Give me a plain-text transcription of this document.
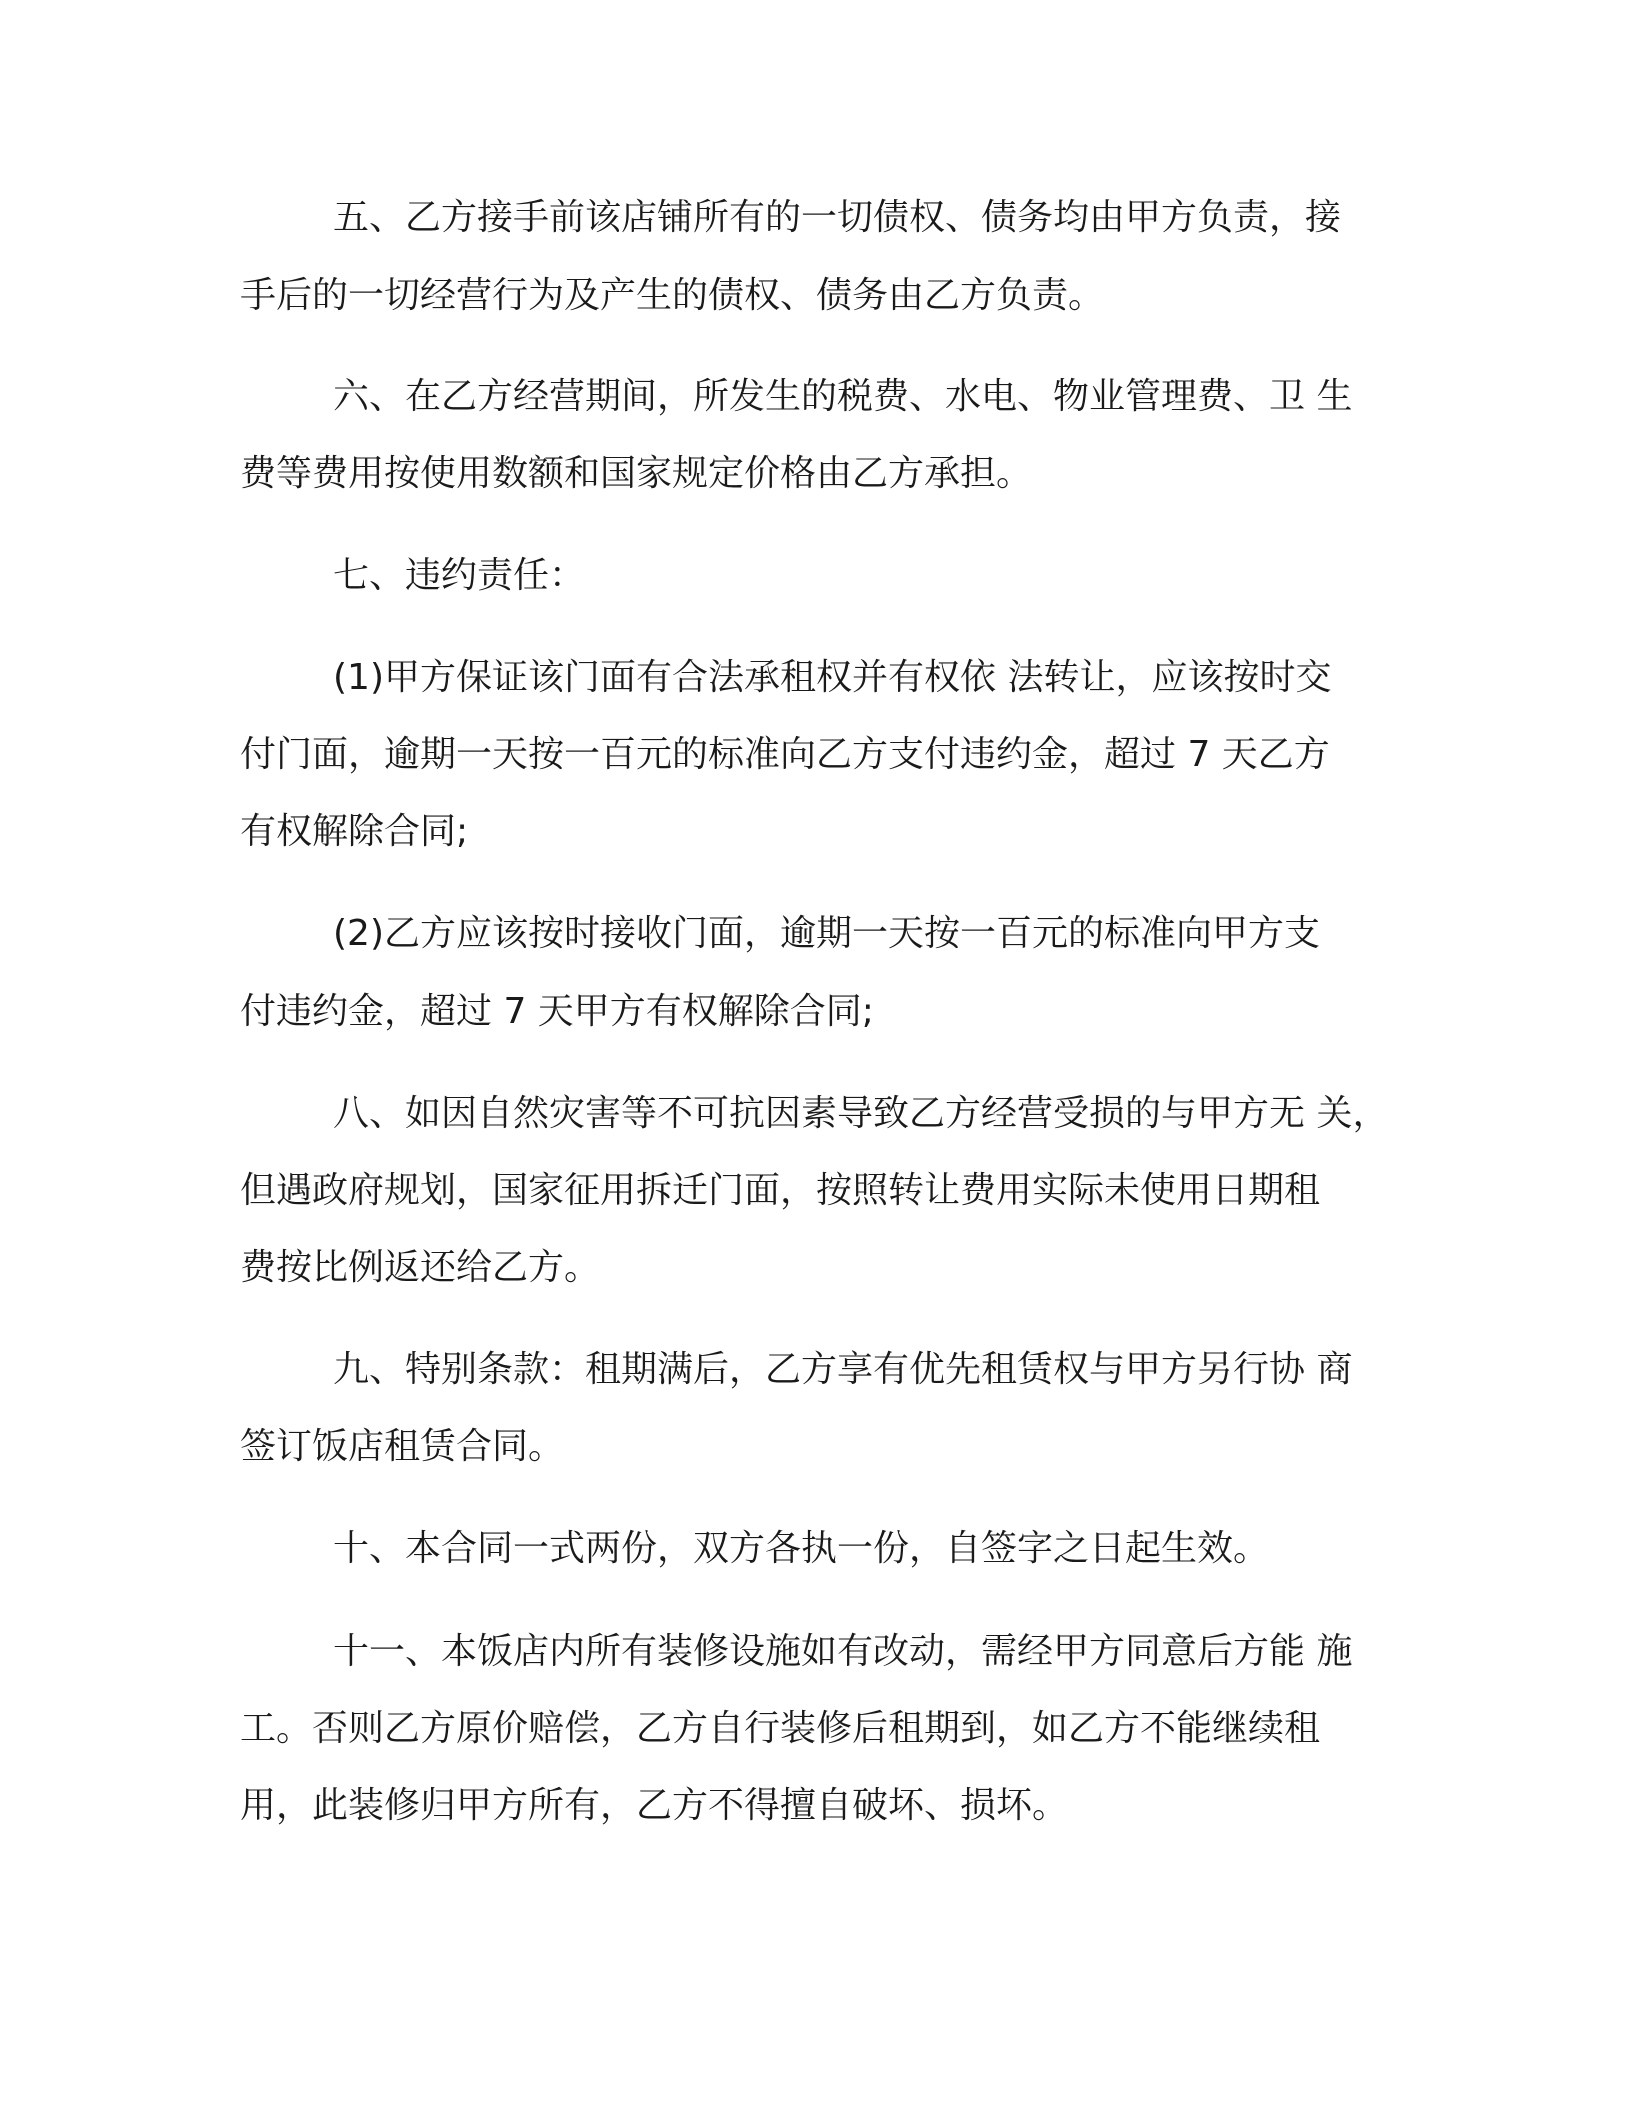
五、乙方接手前该店铺所有的一切债权、债务均由甲方负责，接
手后的一切经营行为及产生的债权、债务由乙方负责。
六、在乙方经营期间，所发生的税费、水电、物业管理费、卫 生
费等费用按使用数额和国家规定价格由乙方承担。
七、违约责任：
(1)甲方保证该门面有合法承租权并有权依 法转让，应该按时交
付门面，逾期一天按一百元的标准向乙方支付违约金，超过 7 天乙方
有权解除合同;
(2)乙方应该按时接收门面，逾期一天按一百元的标准向甲方支
付违约金，超过 7 天甲方有权解除合同;
八、如因自然灾害等不可抗因素导致乙方经营受损的与甲方无 关，
但遇政府规划，国家征用拆迁门面，按照转让费用实际未使用日期租
费按比例返还给乙方。
九、特别条款：租期满后，乙方享有优先租赁权与甲方另行协 商
签订饭店租赁合同。
十、本合同一式两份，双方各执一份，自签字之日起生效。
十一、本饭店内所有装修设施如有改动，需经甲方同意后方能 施
工。否则乙方原价赔偿，乙方自行装修后租期到，如乙方不能继续租
用，此装修归甲方所有，乙方不得擅自破坏、损坏。
